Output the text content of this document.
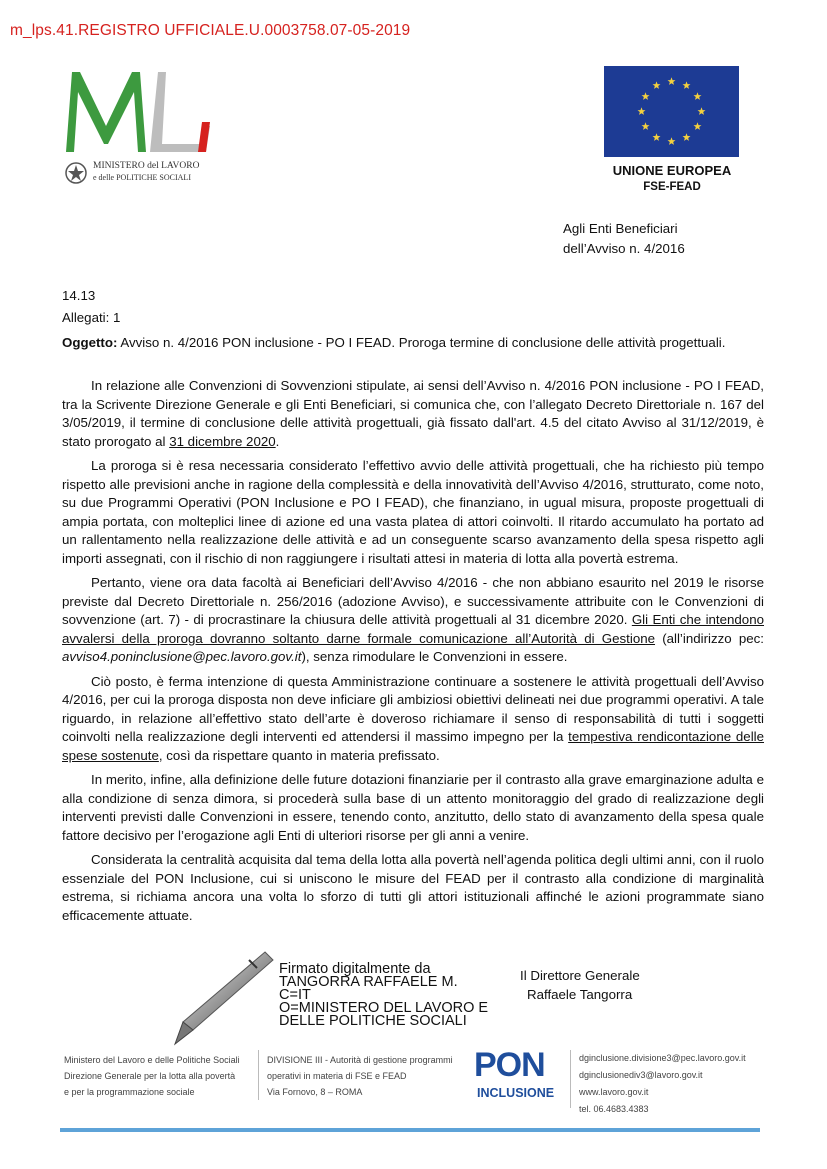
m_lps.41.REGISTRO UFFICIALE.U.0003758.07-05-2019
MINISTERO del LAVORO
e delle POLITICHE SOCIALI	UNIONE EUROPEA
FSE-FEAD
Agli Enti Beneficiari
dell’Avviso n. 4/2016
14.13
Allegati: 1
Oggetto: Avviso n. 4/2016 PON inclusione - PO I FEAD. Proroga termine di conclusione delle attività progettuali.

In relazione alle Convenzioni di Sovvenzioni stipulate, ai sensi dell’Avviso n. 4/2016 PON inclusione - PO I FEAD, tra la Scrivente Direzione Generale e gli Enti Beneficiari, si comunica che, con l’allegato Decreto Direttoriale n. 167 del 3/05/2019, il termine di conclusione delle attività progettuali, già fissato dall'art. 4.5 del citato Avviso al 31/12/2019, è stato prorogato al 31 dicembre 2020.

La proroga si è resa necessaria considerato l’effettivo avvio delle attività progettuali, che ha richiesto più tempo rispetto alle previsioni anche in ragione della complessità e della innovatività dell’Avviso 4/2016, strutturato, come noto, su due Programmi Operativi (PON Inclusione e PO I FEAD), che finanziano, in ugual misura, proposte progettuali di ampia portata, con molteplici linee di azione ed una vasta platea di attori coinvolti. Il ritardo accumulato ha portato ad un rallentamento nella realizzazione delle attività e ad un conseguente scarso avanzamento della spesa rispetto agli importi assegnati, con il rischio di non raggiungere i risultati attesi in materia di lotta alla povertà estrema.

Pertanto, viene ora data facoltà ai Beneficiari dell’Avviso 4/2016 - che non abbiano esaurito nel 2019 le risorse previste dal Decreto Direttoriale n. 256/2016 (adozione Avviso), e successivamente attribuite con le Convenzioni di sovvenzione (art. 7) - di procrastinare la chiusura delle attività progettuali al 31 dicembre 2020. Gli Enti che intendono avvalersi della proroga dovranno soltanto darne formale comunicazione all’Autorità di Gestione (all’indirizzo pec: avviso4.poninclusione@pec.lavoro.gov.it), senza rimodulare le Convenzioni in essere.

Ciò posto, è ferma intenzione di questa Amministrazione continuare a sostenere le attività progettuali dell’Avviso 4/2016, per cui la proroga disposta non deve inficiare gli ambiziosi obiettivi delineati nei due programmi operativi. A tale riguardo, in relazione all’effettivo stato dell’arte è doveroso richiamare il senso di responsabilità di tutti i soggetti coinvolti nella realizzazione degli interventi ed attendersi il massimo impegno per la tempestiva rendicontazione delle spese sostenute, così da rispettare quanto in materia prefissato.

In merito, infine, alla definizione delle future dotazioni finanziarie per il contrasto alla grave emarginazione adulta e alla condizione di senza dimora, si procederà sulla base di un attento monitoraggio del grado di realizzazione degli interventi previsti dalle Convenzioni in essere, tenendo conto, anzitutto, dello stato di avanzamento della spesa quale fattore decisivo per l’erogazione agli Enti di ulteriori risorse per gli anni a venire.

Considerata la centralità acquisita dal tema della lotta alla povertà nell’agenda politica degli ultimi anni, con il ruolo essenziale del PON Inclusione, cui si uniscono le misure del FEAD per il contrasto alla condizione di marginalità estrema, si richiama ancora una volta lo sforzo di tutti gli attori istituzionali affinché le azioni programmate siano efficacemente attuate.

Firmato digitalmente da
TANGORRA RAFFAELE M.
C=IT
O=MINISTERO DEL LAVORO E
DELLE POLITICHE SOCIALI
Il Direttore Generale
Raffaele Tangorra
Ministero del Lavoro e delle Politiche Sociali
Direzione Generale per la lotta alla povertà
e per la programmazione sociale
DIVISIONE III - Autorità di gestione programmi
operativi in materia di FSE e FEAD
Via Fornovo, 8 – ROMA
PON
INCLUSIONE
dginclusione.divisione3@pec.lavoro.gov.it
dginclusionediv3@lavoro.gov.it
www.lavoro.gov.it
tel. 06.4683.4383
